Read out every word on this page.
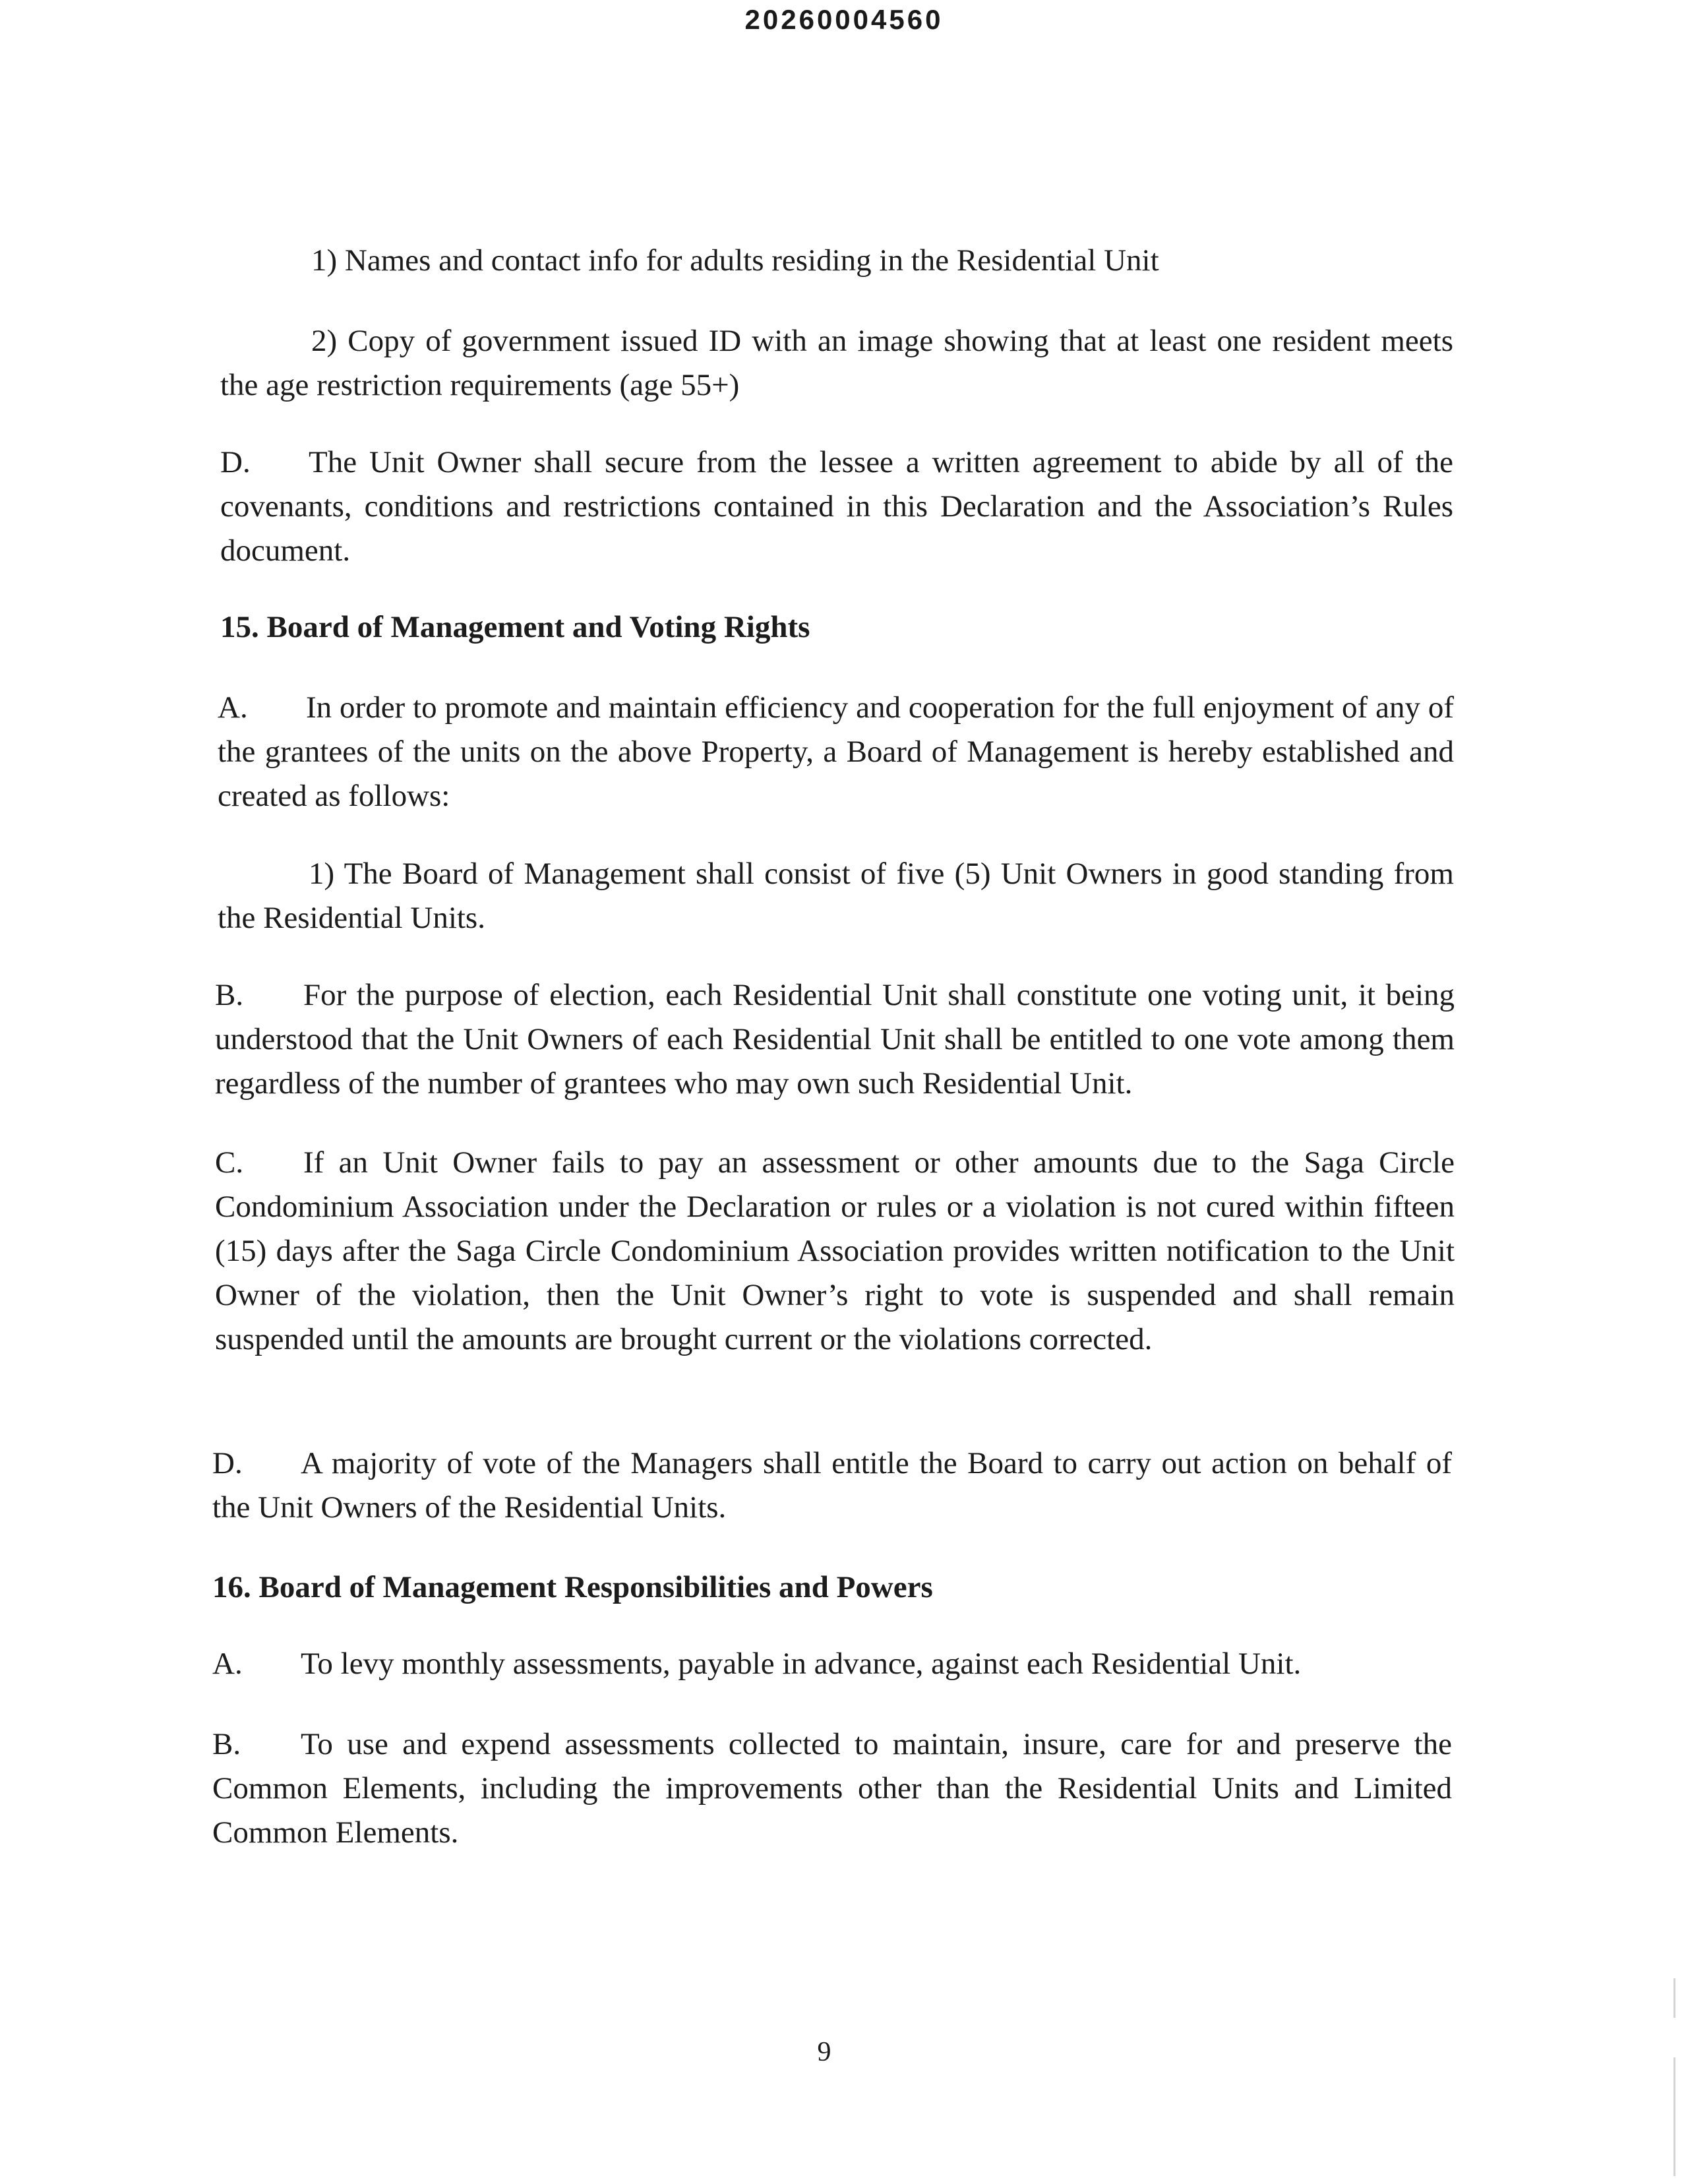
20260004560

1) Names and contact info for adults residing in the Residential Unit

2) Copy of government issued ID with an image showing that at least one resident meets the age restriction requirements (age 55+)

D. The Unit Owner shall secure from the lessee a written agreement to abide by all of the covenants, conditions and restrictions contained in this Declaration and the Association’s Rules document.

15. Board of Management and Voting Rights

A. In order to promote and maintain efficiency and cooperation for the full enjoyment of any of the grantees of the units on the above Property, a Board of Management is hereby established and created as follows:

1) The Board of Management shall consist of five (5) Unit Owners in good standing from the Residential Units.

B. For the purpose of election, each Residential Unit shall constitute one voting unit, it being understood that the Unit Owners of each Residential Unit shall be entitled to one vote among them regardless of the number of grantees who may own such Residential Unit.

C. If an Unit Owner fails to pay an assessment or other amounts due to the Saga Circle Condominium Association under the Declaration or rules or a violation is not cured within fifteen (15) days after the Saga Circle Condominium Association provides written notification to the Unit Owner of the violation, then the Unit Owner’s right to vote is suspended and shall remain suspended until the amounts are brought current or the violations corrected.

D. A majority of vote of the Managers shall entitle the Board to carry out action on behalf of the Unit Owners of the Residential Units.

16. Board of Management Responsibilities and Powers

A. To levy monthly assessments, payable in advance, against each Residential Unit.

B. To use and expend assessments collected to maintain, insure, care for and preserve the Common Elements, including the improvements other than the Residential Units and Limited Common Elements.

9
